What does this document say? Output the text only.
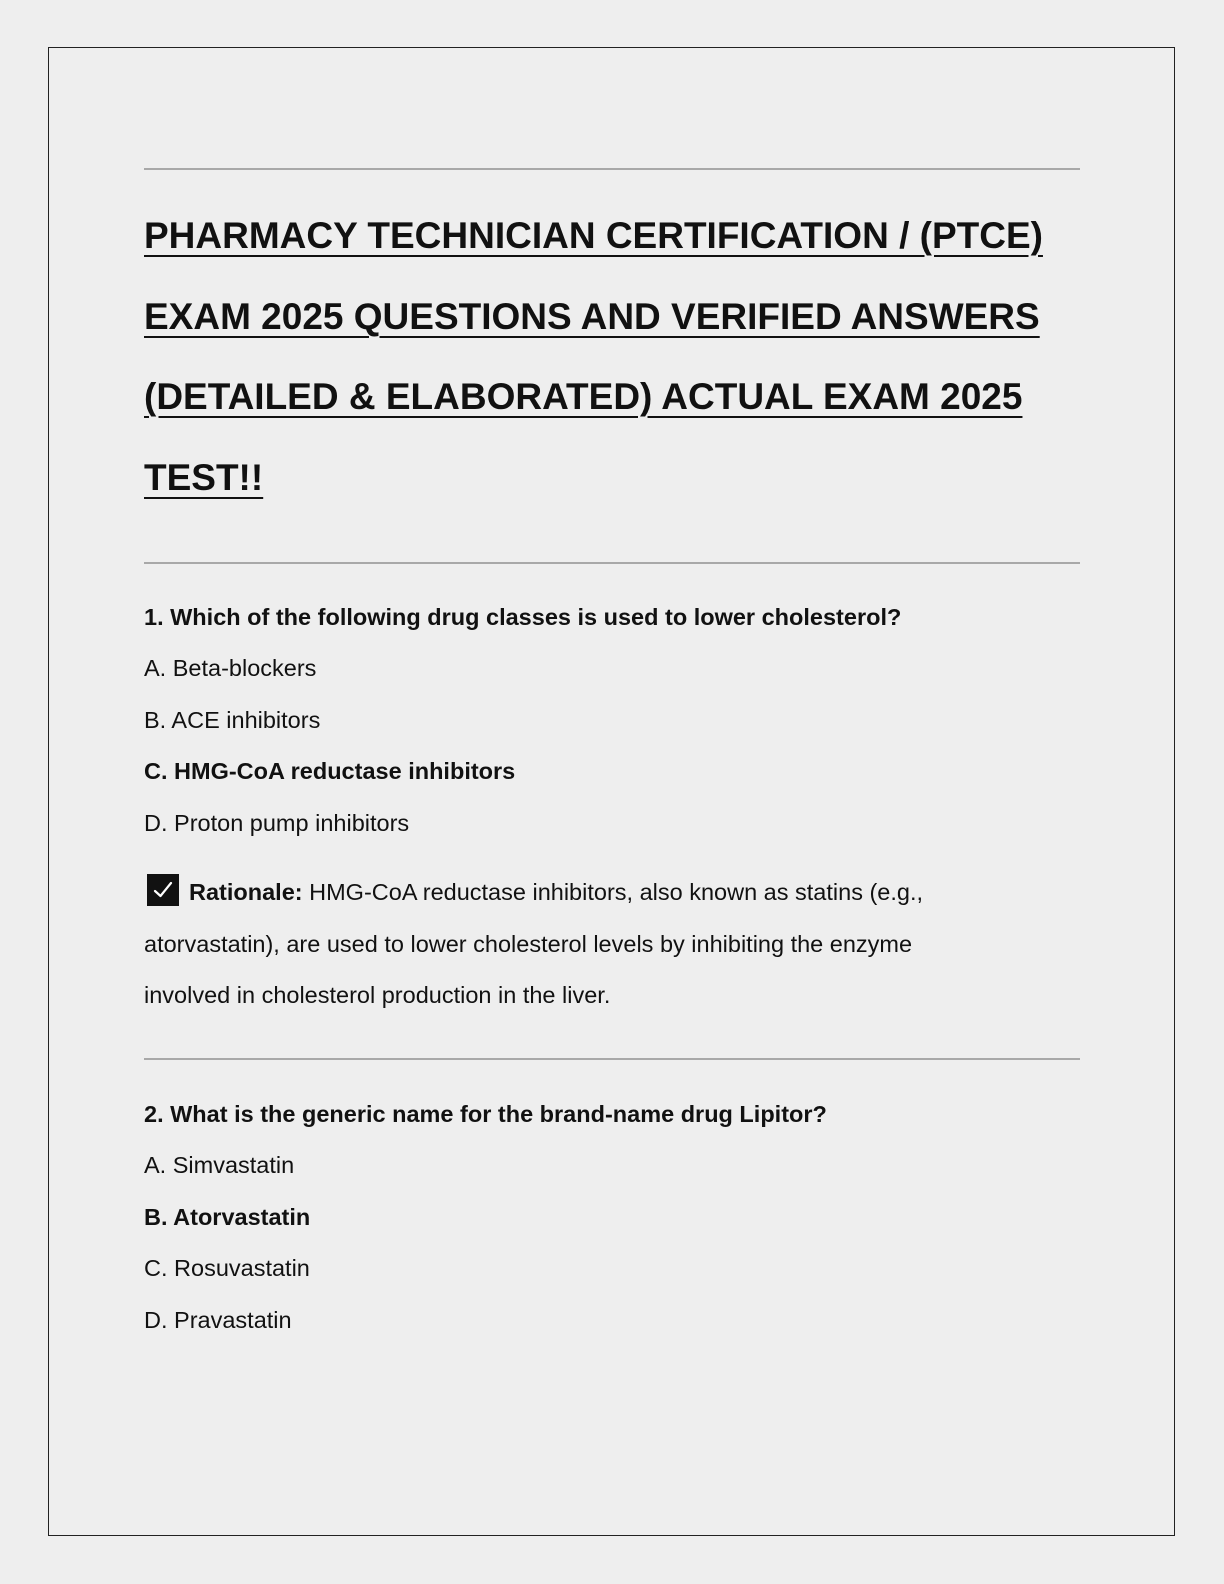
PHARMACY TECHNICIAN CERTIFICATION / (PTCE)
EXAM 2025 QUESTIONS AND VERIFIED ANSWERS
(DETAILED & ELABORATED) ACTUAL EXAM 2025
TEST!!
1. Which of the following drug classes is used to lower cholesterol?
A. Beta-blockers
B. ACE inhibitors
C. HMG-CoA reductase inhibitors
D. Proton pump inhibitors
Rationale: HMG-CoA reductase inhibitors, also known as statins (e.g.,
atorvastatin), are used to lower cholesterol levels by inhibiting the enzyme
involved in cholesterol production in the liver.
2. What is the generic name for the brand-name drug Lipitor?
A. Simvastatin
B. Atorvastatin
C. Rosuvastatin
D. Pravastatin
